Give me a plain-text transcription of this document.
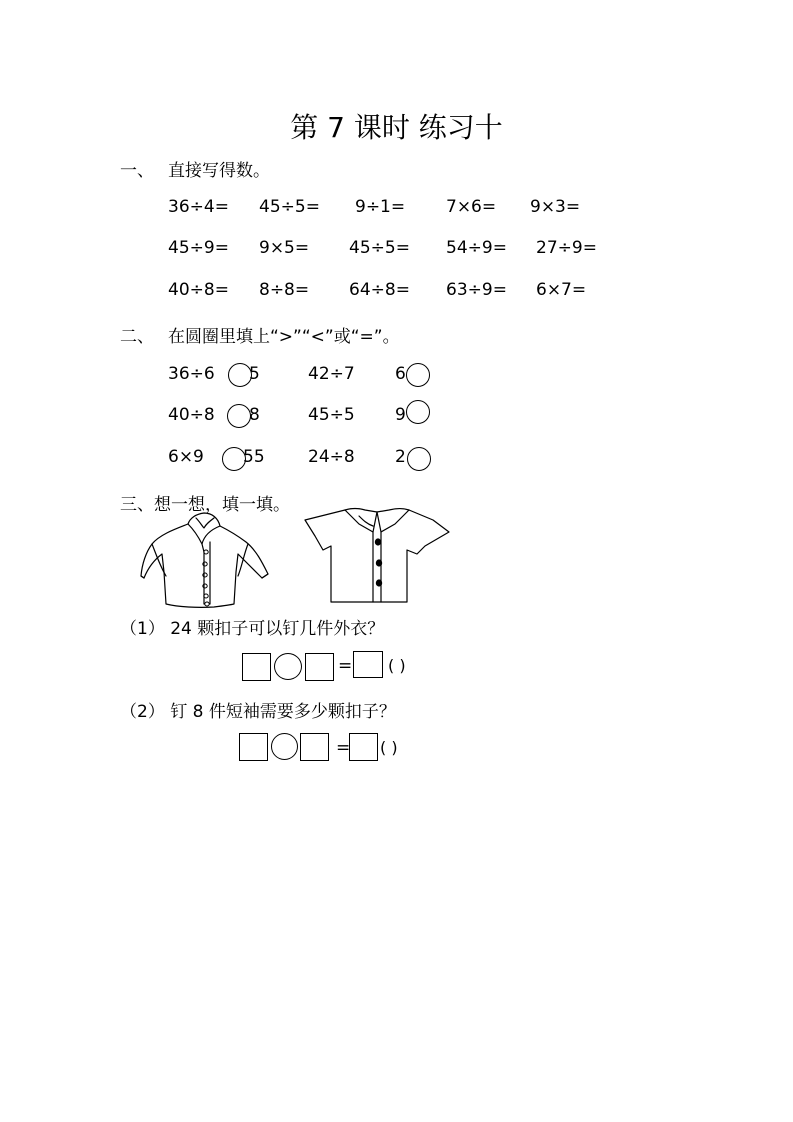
第 7 课时 练习十
一、 直接写得数。
36÷4= 45÷5= 9÷1= 7×6= 9×3=
45÷9= 9×5= 45÷5= 54÷9= 27÷9=
40÷8= 8÷8= 64÷8= 63÷9= 6×7=
二、 在圆圈里填上“>”“<”或“=”。
36÷6 5	42÷7 6
40÷8 8	45÷5 9
6×9 55	24÷8 2
三、想一想，填一填。
（1） 24 颗扣子可以钉几件外衣？
= ( )
（2） 钉 8 件短袖需要多少颗扣子？
= ( )
